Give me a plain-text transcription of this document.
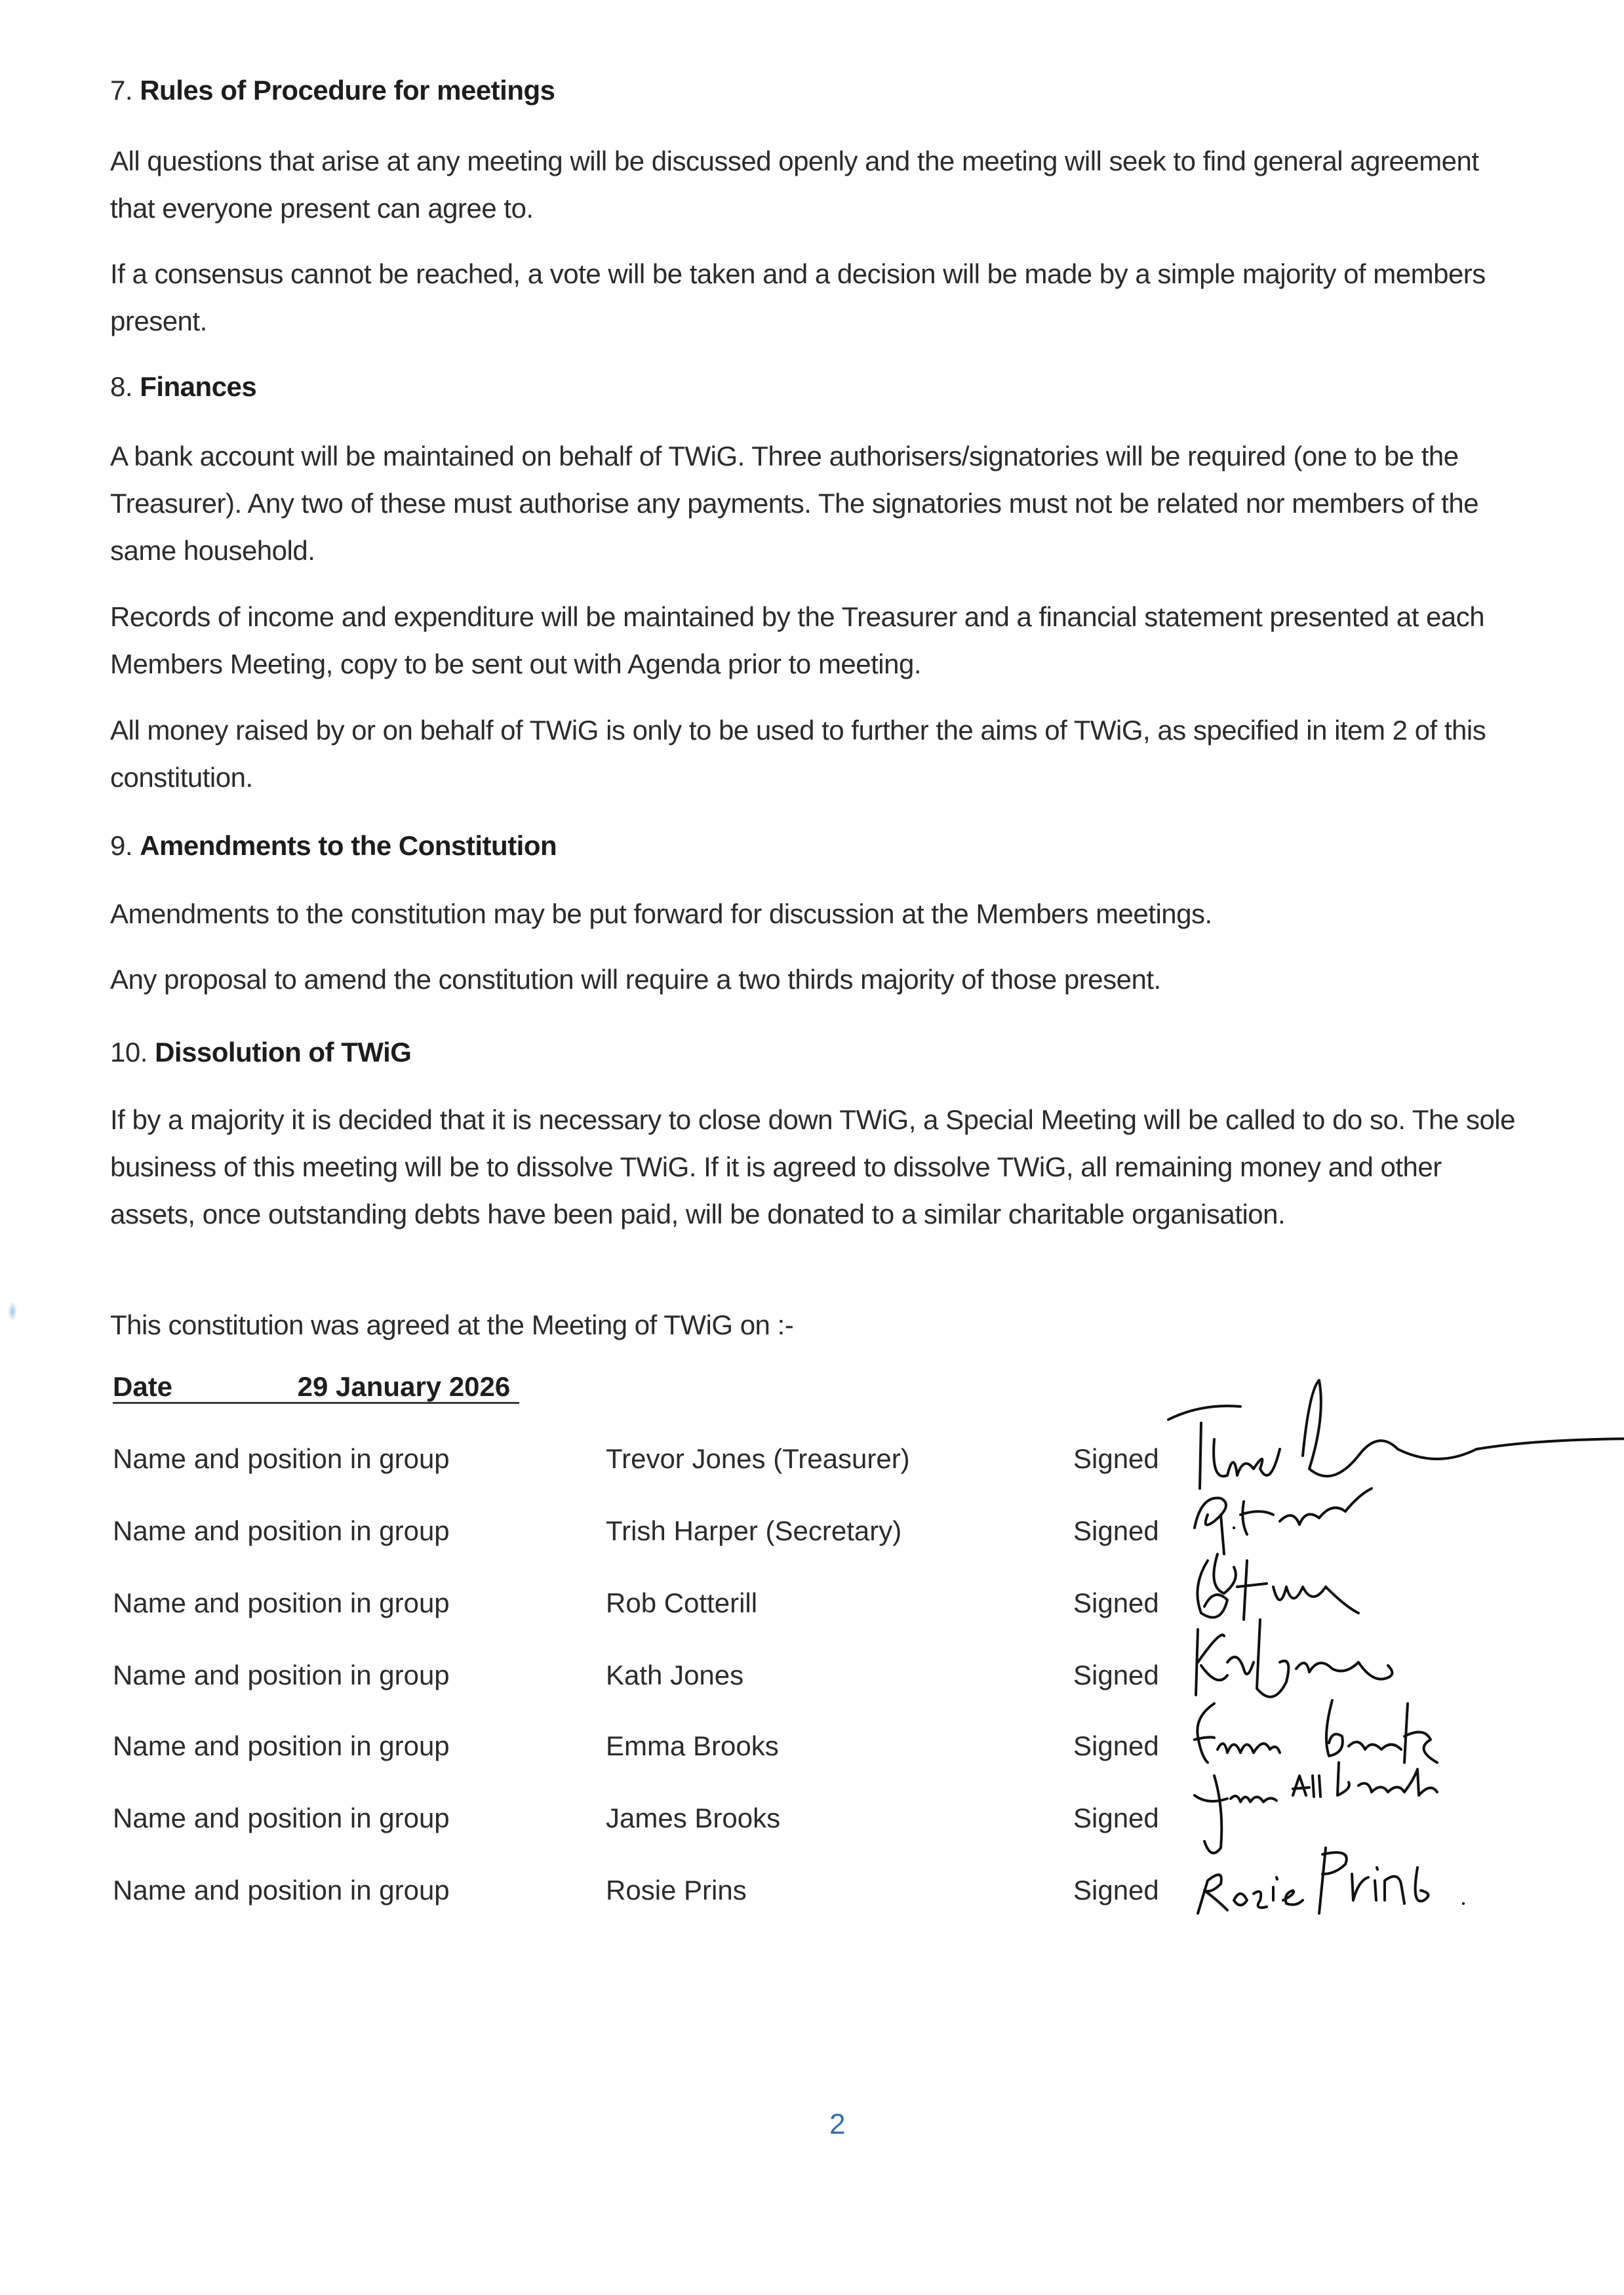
7. Rules of Procedure for meetings

All questions that arise at any meeting will be discussed openly and the meeting will seek to find general agreement that everyone present can agree to.

If a consensus cannot be reached, a vote will be taken and a decision will be made by a simple majority of members present.

8. Finances

A bank account will be maintained on behalf of TWiG. Three authorisers/signatories will be required (one to be the Treasurer). Any two of these must authorise any payments. The signatories must not be related nor members of the same household.

Records of income and expenditure will be maintained by the Treasurer and a financial statement presented at each Members Meeting, copy to be sent out with Agenda prior to meeting.

All money raised by or on behalf of TWiG is only to be used to further the aims of TWiG, as specified in item 2 of this constitution.

9. Amendments to the Constitution

Amendments to the constitution may be put forward for discussion at the Members meetings.

Any proposal to amend the constitution will require a two thirds majority of those present.

10. Dissolution of TWiG

If by a majority it is decided that it is necessary to close down TWiG, a Special Meeting will be called to do so. The sole business of this meeting will be to dissolve TWiG. If it is agreed to dissolve TWiG, all remaining money and other assets, once outstanding debts have been paid, will be donated to a similar charitable organisation.

This constitution was agreed at the Meeting of TWiG on :-

Date	29 January 2026
Name and position in group	Trevor Jones (Treasurer)	Signed
Name and position in group	Trish Harper (Secretary)	Signed
Name and position in group	Rob Cotterill	Signed
Name and position in group	Kath Jones	Signed
Name and position in group	Emma Brooks	Signed
Name and position in group	James Brooks	Signed
Name and position in group	Rosie Prins	Signed
2
